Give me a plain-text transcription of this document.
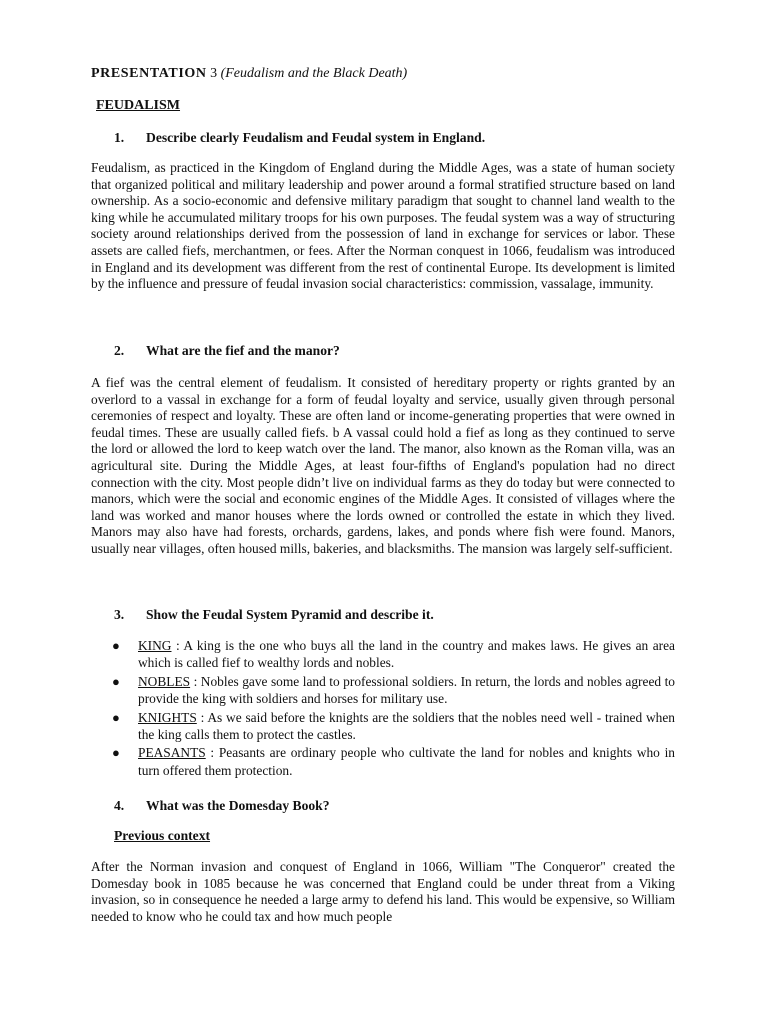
PRESENTATION 3 (Feudalism and the Black Death)
FEUDALISM
1. Describe clearly Feudalism and Feudal system in England.

Feudalism, as practiced in the Kingdom of England during the Middle Ages, was a state of human society that organized political and military leadership and power around a formal stratified structure based on land ownership. As a socio-economic and defensive military paradigm that sought to channel land wealth to the king while he accumulated military troops for his own purposes. The feudal system was a way of structuring society around relationships derived from the possession of land in exchange for services or labor. These assets are called fiefs, merchantmen, or fees. After the Norman conquest in 1066, feudalism was introduced in England and its development was different from the rest of continental Europe. Its development is limited by the influence and pressure of feudal invasion social characteristics: commission, vassalage, immunity.

2. What are the fief and the manor?

A fief was the central element of feudalism. It consisted of hereditary property or rights granted by an overlord to a vassal in exchange for a form of feudal loyalty and service, usually given through personal ceremonies of respect and loyalty. These are often land or income-generating properties that were owned in feudal times. These are usually called fiefs. b A vassal could hold a fief as long as they continued to serve the lord or allowed the lord to keep watch over the land. The manor, also known as the Roman villa, was an agricultural site. During the Middle Ages, at least four-fifths of England's population had no direct connection with the city. Most people didn’t live on individual farms as they do today but were connected to manors, which were the social and economic engines of the Middle Ages. It consisted of villages where the land was worked and manor houses where the lords owned or controlled the estate in which they lived. Manors may also have had forests, orchards, gardens, lakes, and ponds where fish were found. Manors, usually near villages, often housed mills, bakeries, and blacksmiths. The mansion was largely self-sufficient.

3. Show the Feudal System Pyramid and describe it.
● KING : A king is the one who buys all the land in the country and makes laws. He gives an area which is called fief to wealthy lords and nobles.
● NOBLES : Nobles gave some land to professional soldiers. In return, the lords and nobles agreed to provide the king with soldiers and horses for military use.
● KNIGHTS : As we said before the knights are the soldiers that the nobles need well - trained when the king calls them to protect the castles.
● PEASANTS : Peasants are ordinary people who cultivate the land for nobles and knights who in turn offered them protection.
4. What was the Domesday Book?
Previous context

After the Norman invasion and conquest of England in 1066, William "The Conqueror" created the Domesday book in 1085 because he was concerned that England could be under threat from a Viking invasion, so in consequence he needed a large army to defend his land. This would be expensive, so William needed to know who he could tax and how much people
